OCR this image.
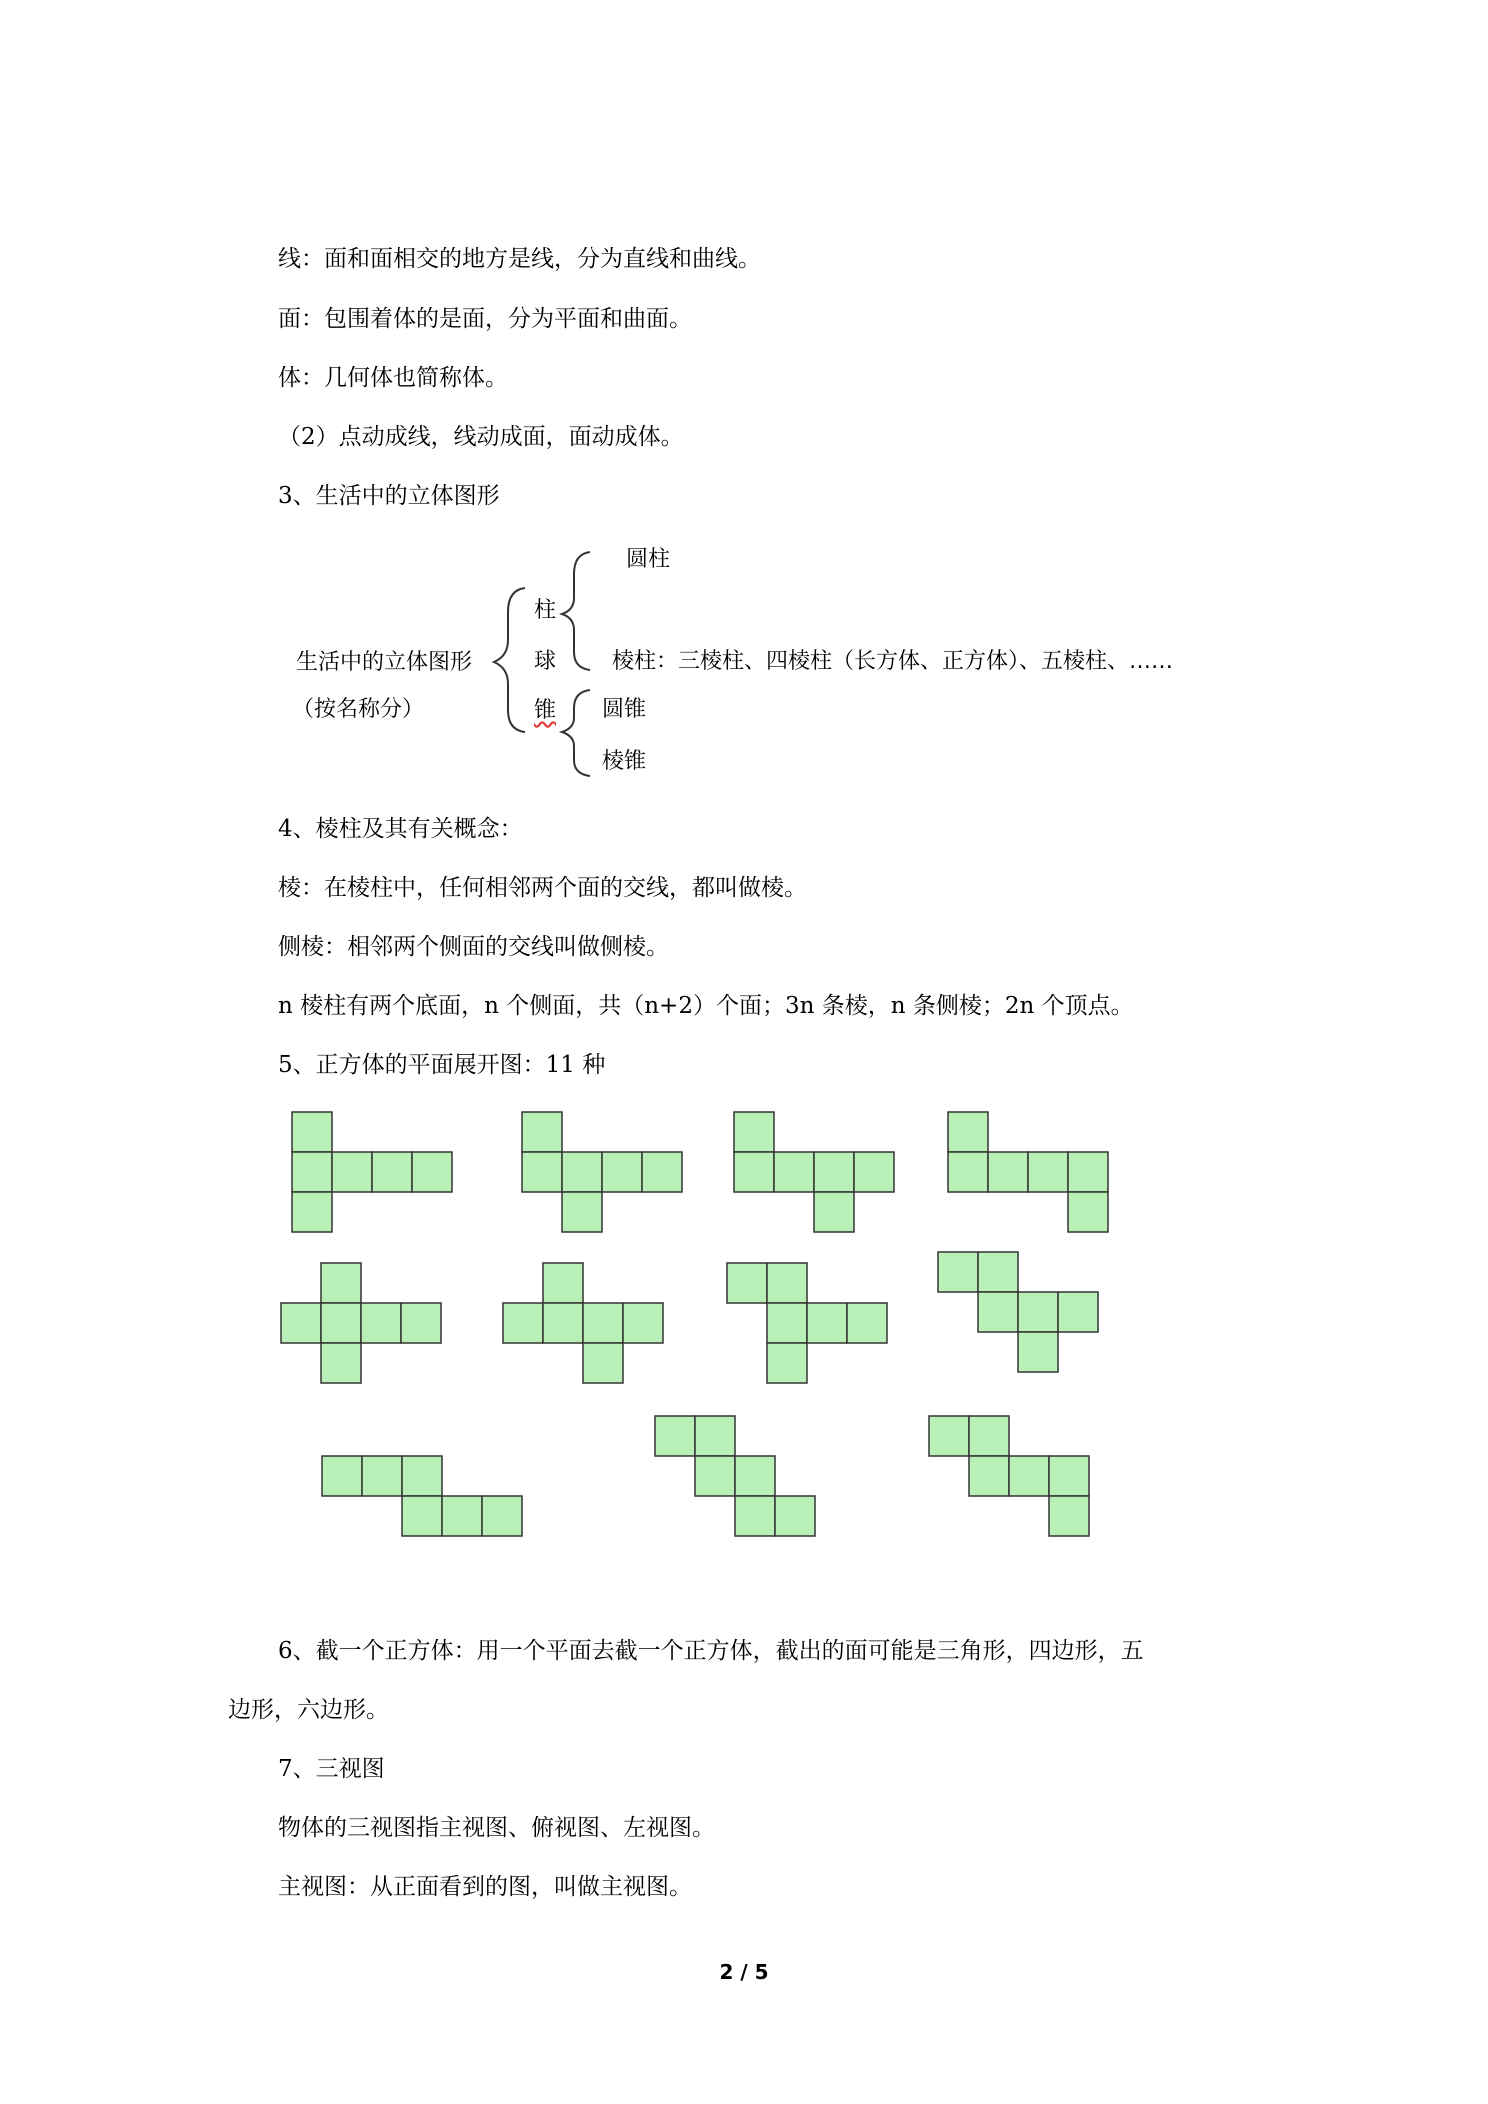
线：面和面相交的地方是线，分为直线和曲线。
面：包围着体的是面，分为平面和曲面。
体：几何体也简称体。
（2）点动成线，线动成面，面动成体。
3、生活中的立体图形
生活中的立体图形
（按名称分）
柱
球
锥
圆柱
棱柱：三棱柱、四棱柱（长方体、正方体）、五棱柱、……
圆锥
棱锥
4、棱柱及其有关概念：
棱：在棱柱中，任何相邻两个面的交线，都叫做棱。
侧棱：相邻两个侧面的交线叫做侧棱。
n 棱柱有两个底面，n 个侧面，共（n+2）个面；3n 条棱，n 条侧棱；2n 个顶点。
5、正方体的平面展开图：11 种
6、截一个正方体：用一个平面去截一个正方体，截出的面可能是三角形，四边形，五
边形，六边形。
7、三视图
物体的三视图指主视图、俯视图、左视图。
主视图：从正面看到的图，叫做主视图。
2 / 5
